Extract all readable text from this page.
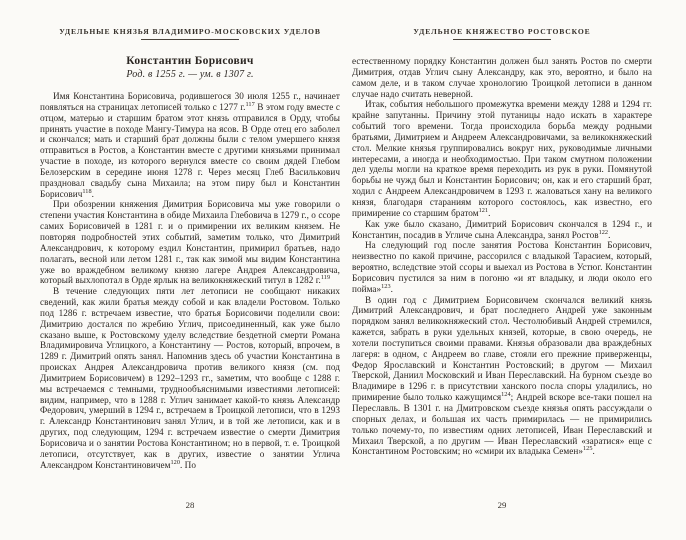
УДЕЛЬНЫЕ КНЯЗЬЯ ВЛАДИМИРО-МОСКОВСКИХ УДЕЛОВ
Константин Борисович
Род. в 1255 г. — ум. в 1307 г.

Имя Константина Борисовича, родившегося 30 июля 1255 г., начинает появляться на страницах летописей только с 1277 г.$^{117}$ В этом году вместе с отцом, матерью и старшим братом этот князь отправился в Орду, чтобы принять участие в походе Мангу-Тимура на ясов. В Орде отец его заболел и скончался; мать и старший брат должны были с телом умершего князя отправиться в Ростов, а Константин вместе с другими князьями принимал участие в походе, из которого вернулся вместе со своим дядей Глебом Белозерским в середине июня 1278 г. Через месяц Глеб Василькович праздновал свадьбу сына Михаила; на этом пиру был и Константин Борисович$^{118}$.

При обозрении княжения Димитрия Борисовича мы уже говорили о степени участия Константина в обиде Михаила Глебовича в 1279 г., о ссоре самих Борисовичей в 1281 г. и о примирении их великим князем. Не повторяя подробностей этих событий, заметим только, что Димитрий Александрович, к которому ездил Константин, примирил братьев, надо полагать, весной или летом 1281 г., так как зимой мы видим Константина уже во враждебном великому князю лагере Андрея Александровича, который выхлопотал в Орде ярлык на великокняжеский титул в 1282 г.$^{119}$

В течение следующих пяти лет летописи не сообщают никаких сведений, как жили братья между собой и как владели Ростовом. Только под 1286 г. встречаем известие, что братья Борисовичи поделили свои: Димитрию достался по жребию Углич, присоединенный, как уже было сказано выше, к Ростовскому уделу вследствие бездетной смерти Романа Владимировича Углицкого, а Константину — Ростов, который, впрочем, в 1289 г. Димитрий опять занял. Напомнив здесь об участии Константина в происках Андрея Александровича против великого князя (см. под Димитрием Борисовичем) в 1292–1293 гг., заметим, что вообще с 1288 г. мы встречаемся с темными, труднообъяснимыми известиями летописей: видим, например, что в 1288 г. Углич занимает какой-то князь Александр Федорович, умерший в 1294 г., встречаем в Троицкой летописи, что в 1293 г. Александр Константинович занял Углич, и в той же летописи, как и в других, под следующим, 1294 г. встречаем известие о смерти Димитрия Борисовича и о занятии Ростова Константином; но в первой, т. е. Троицкой летописи, отсутствует, как в других, известие о занятии Углича Александром Константиновичем$^{120}$. По

28
УДЕЛЬНОЕ КНЯЖЕСТВО РОСТОВСКОЕ

естественному порядку Константин должен был занять Ростов по смерти Димитрия, отдав Углич сыну Александру, как это, вероятно, и было на самом деле, и в таком случае хронологию Троицкой летописи в данном случае надо считать неверной.

Итак, события небольшого промежутка времени между 1288 и 1294 гг. крайне запутанны. Причину этой путаницы надо искать в характере событий того времени. Тогда происходила борьба между родными братьями, Димитрием и Андреем Александровичами, за великокняжеский стол. Мелкие князья группировались вокруг них, руководимые личными интересами, а иногда и необходимостью. При таком смутном положении дел уделы могли на краткое время переходить из рук в руки. Помянутой борьбы не чужд был и Константин Борисович; он, как и его старший брат, ходил с Андреем Александровичем в 1293 г. жаловаться хану на великого князя, благодаря стараниям которого состоялось, как известно, его примирение со старшим братом$^{121}$.

Как уже было сказано, Димитрий Борисович скончался в 1294 г., и Константин, посадив в Угличе сына Александра, занял Ростов$^{122}$.

На следующий год после занятия Ростова Константин Борисович, неизвестно по какой причине, рассорился с владыкой Тарасием, который, вероятно, вследствие этой ссоры и выехал из Ростова в Устюг. Константин Борисович пустился за ним в погоню «и ят владыку, и люди около его пойма»$^{123}$.

В один год с Димитрием Борисовичем скончался великий князь Димитрий Александрович, и брат последнего Андрей уже законным порядком занял великокняжеский стол. Честолюбивый Андрей стремился, кажется, забрать в руки удельных князей, которые, в свою очередь, не хотели поступиться своими правами. Князья образовали два враждебных лагеря: в одном, с Андреем во главе, стояли его прежние приверженцы, Федор Ярославский и Константин Ростовский; в другом — Михаил Тверской, Даниил Московский и Иван Переславский. На бурном съезде во Владимире в 1296 г. в присутствии ханского посла споры уладились, но примирение было только кажущимся$^{124}$; Андрей вскоре все-таки пошел на Переславль. В 1301 г. на Дмитровском съезде князья опять рассуждали о спорных делах, и большая их часть примирилась — не примирились только почему-то, по известиям одних летописей, Иван Переславский и Михаил Тверской, а по другим — Иван Переславский «заратися» еще с Константином Ростовским; но «смири их владыка Семен»$^{125}$.

29
